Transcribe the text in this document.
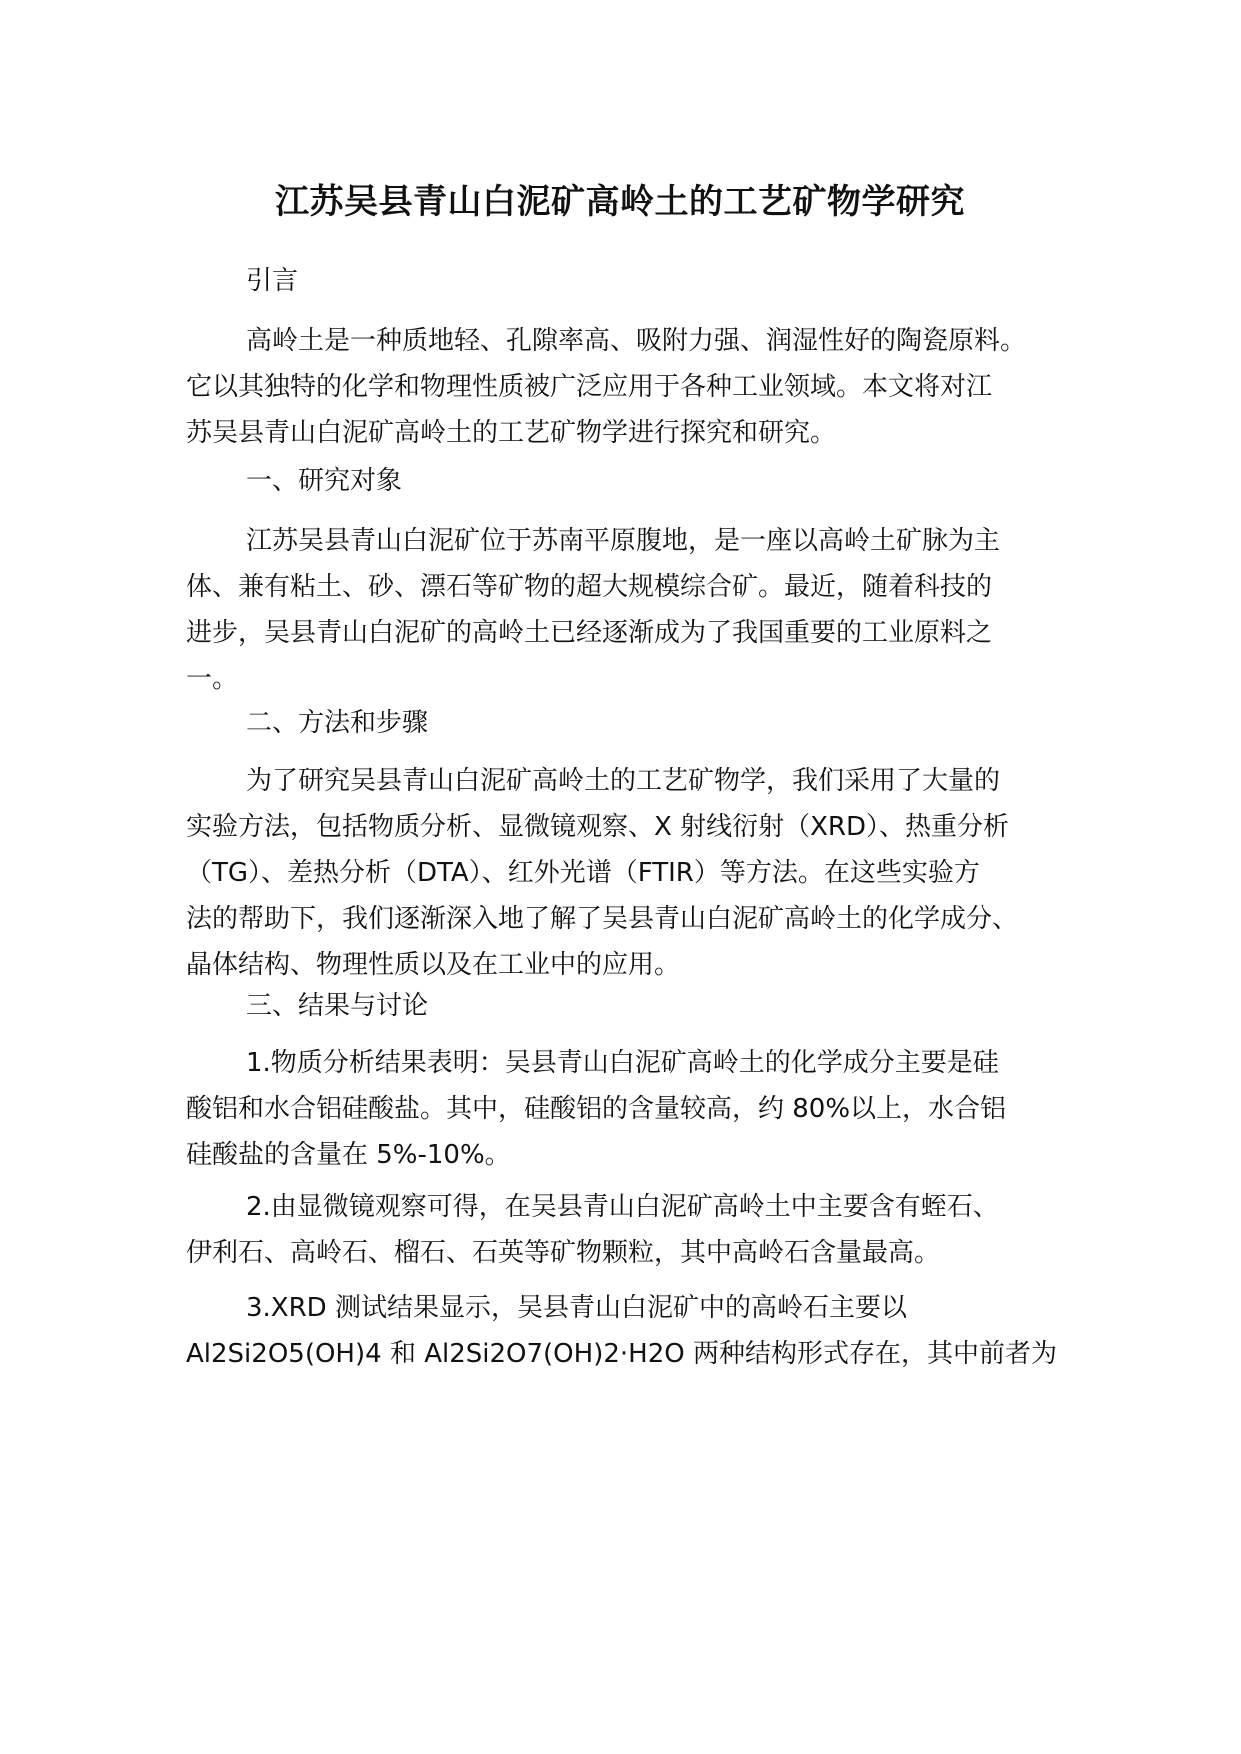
江苏吴县青山白泥矿高岭土的工艺矿物学研究

引言

高岭土是一种质地轻、孔隙率高、吸附力强、润湿性好的陶瓷原料。
它以其独特的化学和物理性质被广泛应用于各种工业领域。本文将对江
苏吴县青山白泥矿高岭土的工艺矿物学进行探究和研究。

一、研究对象

江苏吴县青山白泥矿位于苏南平原腹地，是一座以高岭土矿脉为主
体、兼有粘土、砂、漂石等矿物的超大规模综合矿。最近，随着科技的
进步，吴县青山白泥矿的高岭土已经逐渐成为了我国重要的工业原料之
一。

二、方法和步骤

为了研究吴县青山白泥矿高岭土的工艺矿物学，我们采用了大量的
实验方法，包括物质分析、显微镜观察、X 射线衍射（XRD）、热重分析
（TG）、差热分析（DTA）、红外光谱（FTIR）等方法。在这些实验方
法的帮助下，我们逐渐深入地了解了吴县青山白泥矿高岭土的化学成分、
晶体结构、物理性质以及在工业中的应用。

三、结果与讨论

1.物质分析结果表明：吴县青山白泥矿高岭土的化学成分主要是硅
酸铝和水合铝硅酸盐。其中，硅酸铝的含量较高，约 80%以上，水合铝
硅酸盐的含量在 5%-10%。

2.由显微镜观察可得，在吴县青山白泥矿高岭土中主要含有蛭石、
伊利石、高岭石、榴石、石英等矿物颗粒，其中高岭石含量最高。

3.XRD 测试结果显示，吴县青山白泥矿中的高岭石主要以
Al2Si2O5(OH)4 和 Al2Si2O7(OH)2·H2O 两种结构形式存在，其中前者为
